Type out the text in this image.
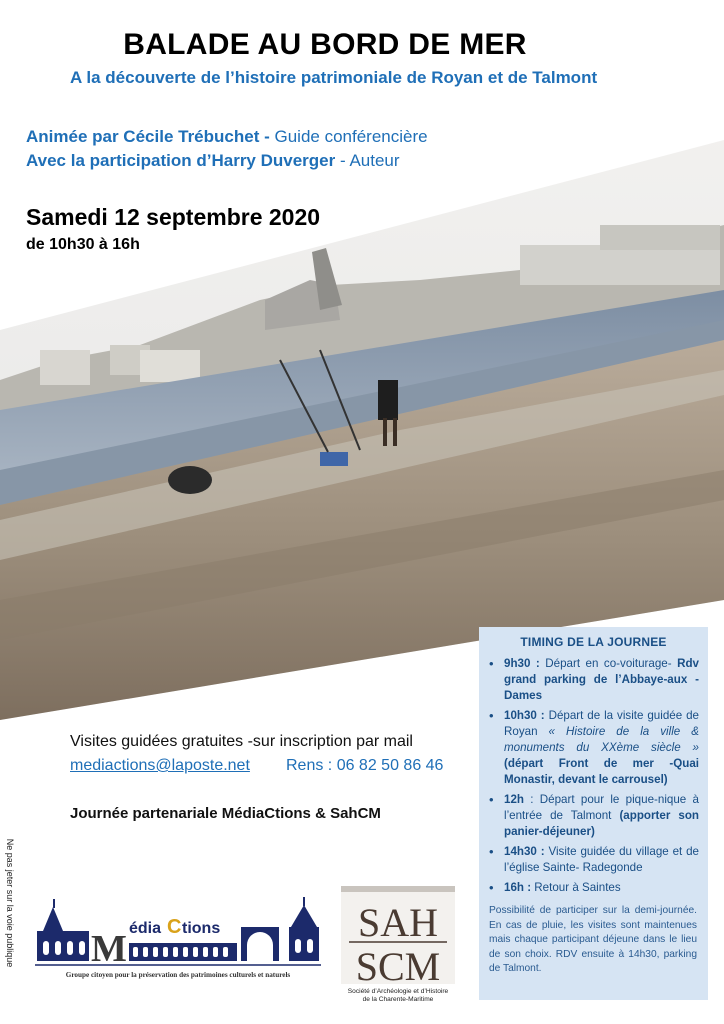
BALADE AU BORD DE MER
A la découverte de l’histoire patrimoniale de Royan et de Talmont
Animée par Cécile Trébuchet - Guide conférencière
Avec la participation d’Harry Duverger - Auteur
Samedi 12 septembre 2020
de 10h30 à 16h
Visites guidées gratuites -sur inscription par mail
mediactions@laposte.net Rens : 06 82 50 86 46
Journée partenariale MédiaCtions & SahCM
Ne pas jeter sur la voie publique
TIMING DE LA JOURNEE
• 9h30 : Départ en co-voiturage- Rdv grand parking de l’Abbaye-aux -Dames
• 10h30 : Départ de la visite guidée de Royan « Histoire de la ville & monuments du XXème siècle » (départ Front de mer -Quai Monastir, devant le carrousel)
• 12h : Départ pour le pique-nique à l’entrée de Talmont (apporter son panier-déjeuner)
• 14h30 : Visite guidée du village et de l’église Sainte- Radegonde
• 16h : Retour à Saintes
Possibilité de participer sur la demi-journée. En cas de pluie, les visites sont maintenues mais chaque participant déjeune dans le lieu de son choix. RDV ensuite à 14h30, parking de Talmont.
M édia C tions
Groupe citoyen pour la préservation des patrimoines culturels et naturels
SAH
SCM
Société d’Archéologie et d’Histoire
de la Charente-Maritime
